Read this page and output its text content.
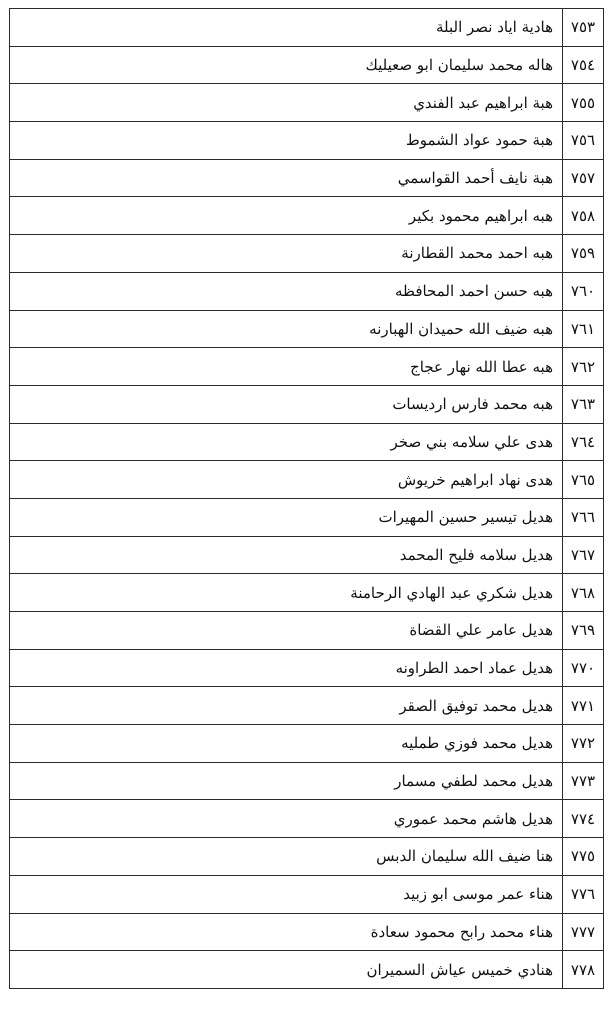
٧٥٣	هادية اياد نصر البلة
٧٥٤	هاله محمد سليمان ابو صعيليك
٧٥٥	هبة ابراهيم عبد الفندي
٧٥٦	هبة حمود عواد الشموط
٧٥٧	هبة نايف أحمد القواسمي
٧٥٨	هبه ابراهيم محمود بكير
٧٥٩	هبه احمد محمد القطارنة
٧٦٠	هبه حسن احمد المحافظه
٧٦١	هبه ضيف الله حميدان الهبارنه
٧٦٢	هبه عطا الله نهار عجاج
٧٦٣	هبه محمد فارس ارديسات
٧٦٤	هدى علي سلامه بني صخر
٧٦٥	هدى نهاد ابراهيم خريوش
٧٦٦	هديل تيسير حسين المهيرات
٧٦٧	هديل سلامه فليح المحمد
٧٦٨	هديل شكري عبد الهادي الرحامنة
٧٦٩	هديل عامر علي القضاة
٧٧٠	هديل عماد احمد الطراونه
٧٧١	هديل محمد توفيق الصقر
٧٧٢	هديل محمد فوزي طمليه
٧٧٣	هديل محمد لطفي مسمار
٧٧٤	هديل هاشم محمد عموري
٧٧٥	هنا ضيف الله سليمان الدبس
٧٧٦	هناء عمر موسى ابو زبيد
٧٧٧	هناء محمد رابح محمود سعادة
٧٧٨	هنادي خميس عياش السميران
